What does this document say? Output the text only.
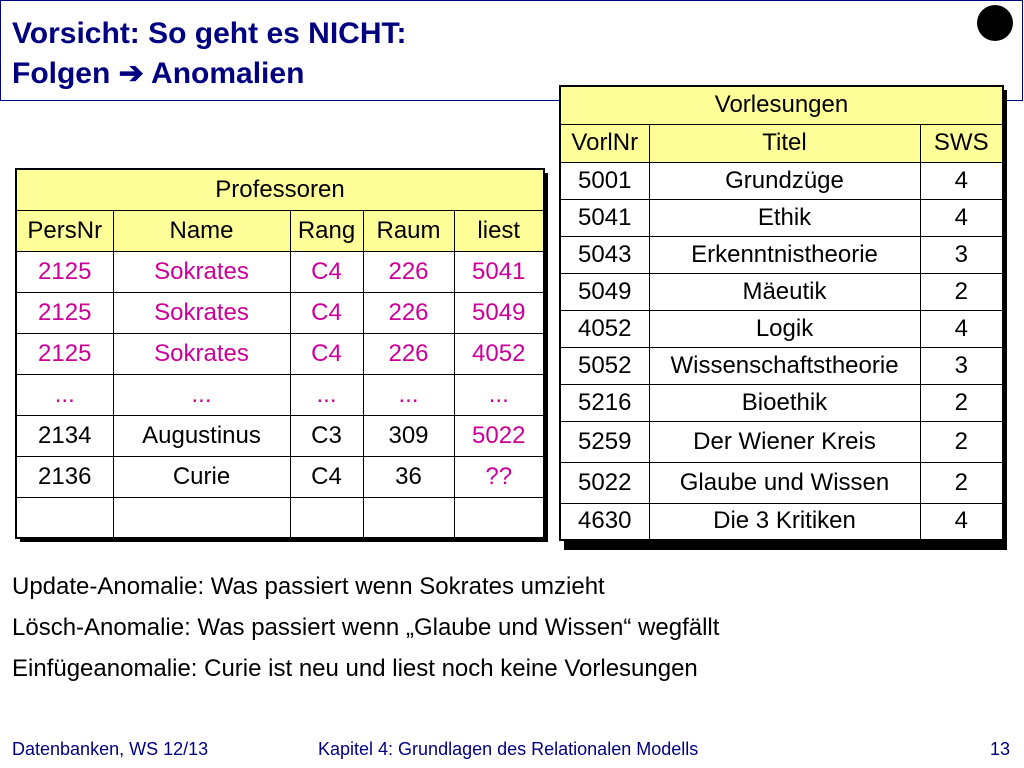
Vorsicht: So geht es NICHT:
Folgen ➔ Anomalien
Vorlesungen		
VorlNr	Titel	SWS
5001	Grundzüge	4
5041	Ethik	4
5043	Erkenntnistheorie	3
5049	Mäeutik	2
4052	Logik	4
5052	Wissenschaftstheorie	3
5216	Bioethik	2
5259	Der Wiener Kreis	2
5022	Glaube und Wissen	2
4630	Die 3 Kritiken	4
Professoren				
PersNr	Name	Rang	Raum	liest
2125	Sokrates	C4	226	5041
2125	Sokrates	C4	226	5049
2125	Sokrates	C4	226	4052
...	...	...	...	...
2134	Augustinus	C3	309	5022
2136	Curie	C4	36	??

Update-Anomalie: Was passiert wenn Sokrates umzieht
Lösch-Anomalie: Was passiert wenn „Glaube und Wissen“ wegfällt
Einfügeanomalie: Curie ist neu und liest noch keine Vorlesungen
Datenbanken, WS 12/13	Kapitel 4: Grundlagen des Relationalen Modells	13
